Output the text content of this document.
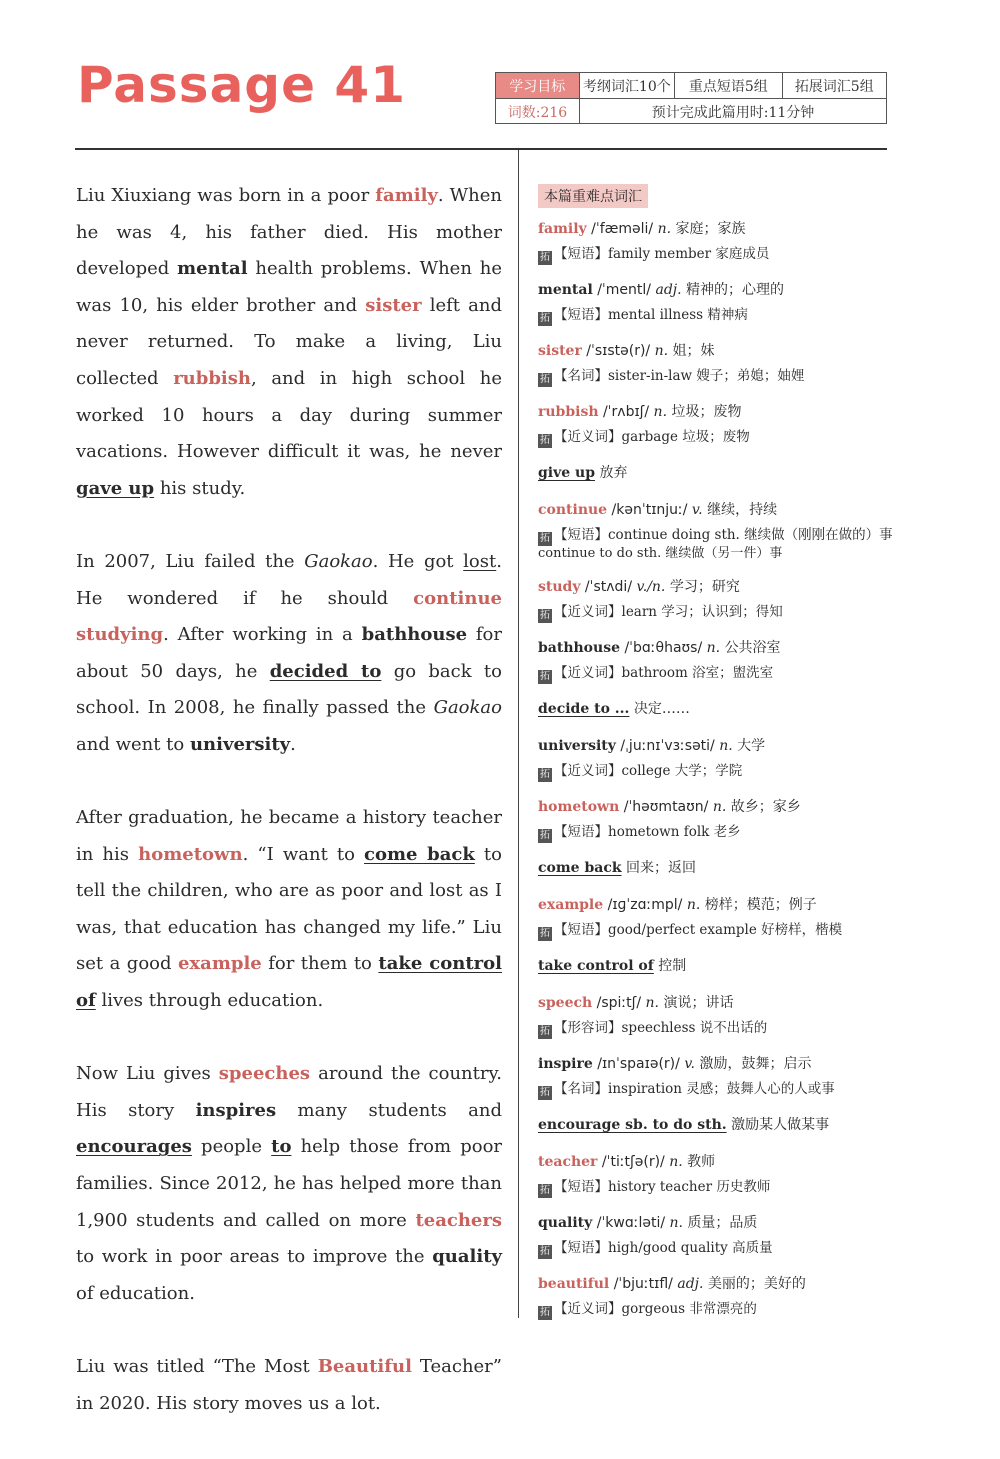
Passage 41	学习目标	考纲词汇10个	重点短语5组	拓展词汇5组
词数:216	预计完成此篇用时:11分钟

Liu Xiuxiang was born in a poor family. When he was 4, his father died. His mother developed mental health problems. When he was 10, his elder brother and sister left and never returned. To make a living, Liu collected rubbish, and in high school he worked 10 hours a day during summer vacations. However difficult it was, he never gave up his study.

In 2007, Liu failed the Gaokao. He got lost. He wondered if he should continue studying. After working in a bathhouse for about 50 days, he decided to go back to school. In 2008, he finally passed the Gaokao and went to university.

After graduation, he became a history teacher in his hometown. “I want to come back to tell the children, who are as poor and lost as I was, that education has changed my life.” Liu set a good example for them to take control of lives through education.

Now Liu gives speeches around the country. His story inspires many students and encourages people to help those from poor families. Since 2012, he has helped more than 1,900 students and called on more teachers to work in poor areas to improve the quality of education.

Liu was titled “The Most Beautiful Teacher” in 2020. His story moves us a lot.

本篇重难点词汇
family /ˈfæməli/ n. 家庭；家族
拓 【短语】family member 家庭成员
mental /ˈmentl/ adj. 精神的；心理的
拓 【短语】mental illness 精神病
sister /ˈsɪstə(r)/ n. 姐；妹
拓 【名词】sister-in-law 嫂子；弟媳；妯娌
rubbish /ˈrʌbɪʃ/ n. 垃圾；废物
拓 【近义词】garbage 垃圾；废物
give up 放弃
continue /kənˈtɪnjuː/ v. 继续，持续
拓 【短语】continue doing sth. 继续做（刚刚在做的）事
continue to do sth. 继续做（另一件）事
study /ˈstʌdi/ v./n. 学习；研究
拓 【近义词】learn 学习；认识到；得知
bathhouse /ˈbɑːθhaʊs/ n. 公共浴室
拓 【近义词】bathroom 浴室；盥洗室
decide to ... 决定……
university /ˌjuːnɪˈvɜːsəti/ n. 大学
拓 【近义词】college 大学；学院
hometown /ˈhəʊmtaʊn/ n. 故乡；家乡
拓 【短语】hometown folk 老乡
come back 回来；返回
example /ɪɡˈzɑːmpl/ n. 榜样；模范；例子
拓 【短语】good/perfect example 好榜样，楷模
take control of 控制
speech /spiːtʃ/ n. 演说；讲话
拓 【形容词】speechless 说不出话的
inspire /ɪnˈspaɪə(r)/ v. 激励，鼓舞；启示
拓 【名词】inspiration 灵感；鼓舞人心的人或事
encourage sb. to do sth. 激励某人做某事
teacher /ˈtiːtʃə(r)/ n. 教师
拓 【短语】history teacher 历史教师
quality /ˈkwɑːləti/ n. 质量；品质
拓 【短语】high/good quality 高质量
beautiful /ˈbjuːtɪfl/ adj. 美丽的；美好的
拓 【近义词】gorgeous 非常漂亮的
